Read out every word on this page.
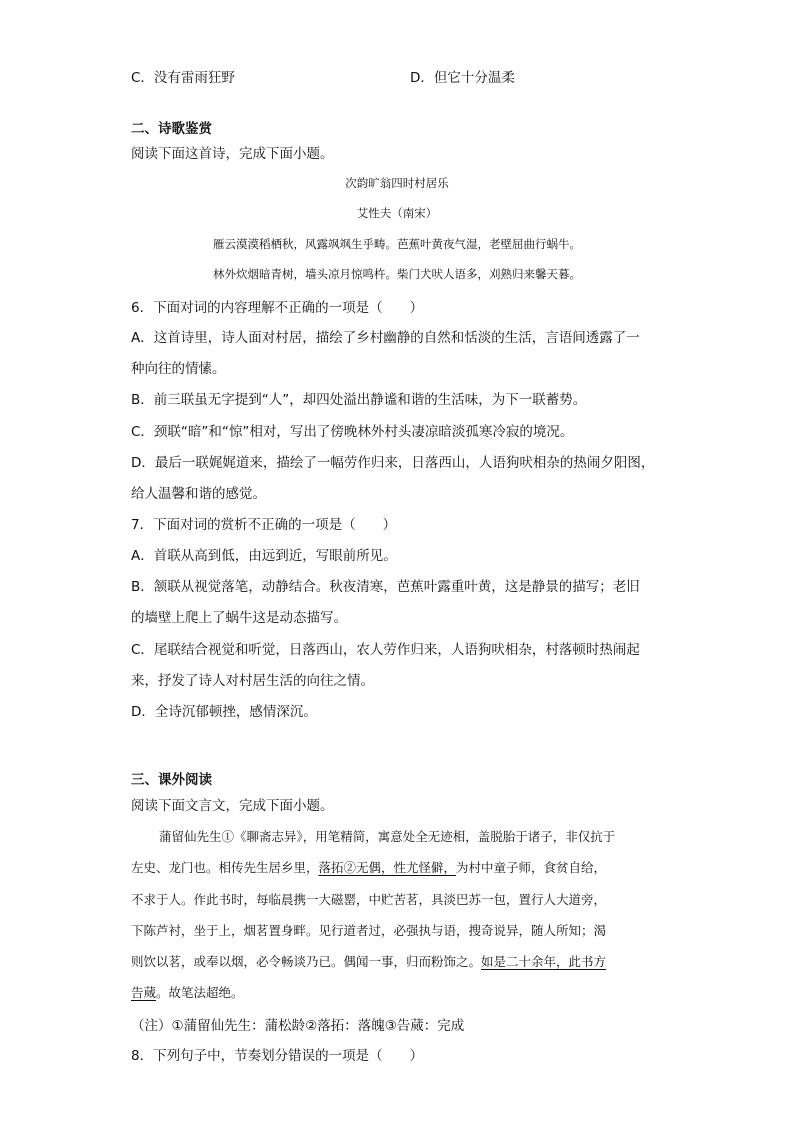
C．没有雷雨狂野	D．但它十分温柔
二、诗歌鉴赏
阅读下面这首诗，完成下面小题。
次韵旷翁四时村居乐
艾性夫（南宋）
雁云漠漠稻栖秋，风露飒飒生乎畴。芭蕉叶黄夜气湿，老壁屈曲行蜗牛。
林外炊烟暗青树，墙头凉月惊鸣杵。柴门犬吠人语多，刈熟归来馨天暮。
6．下面对词的内容理解不正确的一项是（　　）
A．这首诗里，诗人面对村居，描绘了乡村幽静的自然和恬淡的生活，言语间透露了一
种向往的情愫。
B．前三联虽无字提到“人”，却四处溢出静谧和谐的生活味，为下一联蓄势。
C．颈联“暗”和“惊”相对，写出了傍晚林外村头凄凉暗淡孤寒冷寂的境况。
D．最后一联娓娓道来，描绘了一幅劳作归来，日落西山，人语狗吠相杂的热闹夕阳图，
给人温馨和谐的感觉。
7．下面对词的赏析不正确的一项是（　　）
A．首联从高到低，由远到近，写眼前所见。
B．颔联从视觉落笔，动静结合。秋夜清寒，芭蕉叶露重叶黄，这是静景的描写；老旧
的墙壁上爬上了蜗牛这是动态描写。
C．尾联结合视觉和听觉，日落西山，农人劳作归来，人语狗吠相杂，村落顿时热闹起
来，抒发了诗人对村居生活的向往之情。
D．全诗沉郁顿挫，感情深沉。
三、课外阅读
阅读下面文言文，完成下面小题。
蒲留仙先生①《聊斋志异》，用笔精简，寓意处全无迹相，盖脱胎于诸子，非仅抗于
左史、龙门也。相传先生居乡里，落拓②无偶，性尤怪僻，为村中童子师，食贫自给，
不求于人。作此书时，每临晨携一大磁罂，中贮苦茗，具淡巴苏一包，置行人大道旁，
下陈芦衬，坐于上，烟茗置身畔。见行道者过，必强执与语，搜奇说异，随人所知；渴
则饮以茗，或奉以烟，必令畅谈乃已。偶闻一事，归而粉饰之。如是二十余年，此书方
告蒇。故笔法超绝。
（注）①蒲留仙先生：蒲松龄②落拓：落魄③告蒇：完成
8．下列句子中，节奏划分错误的一项是（　　）
